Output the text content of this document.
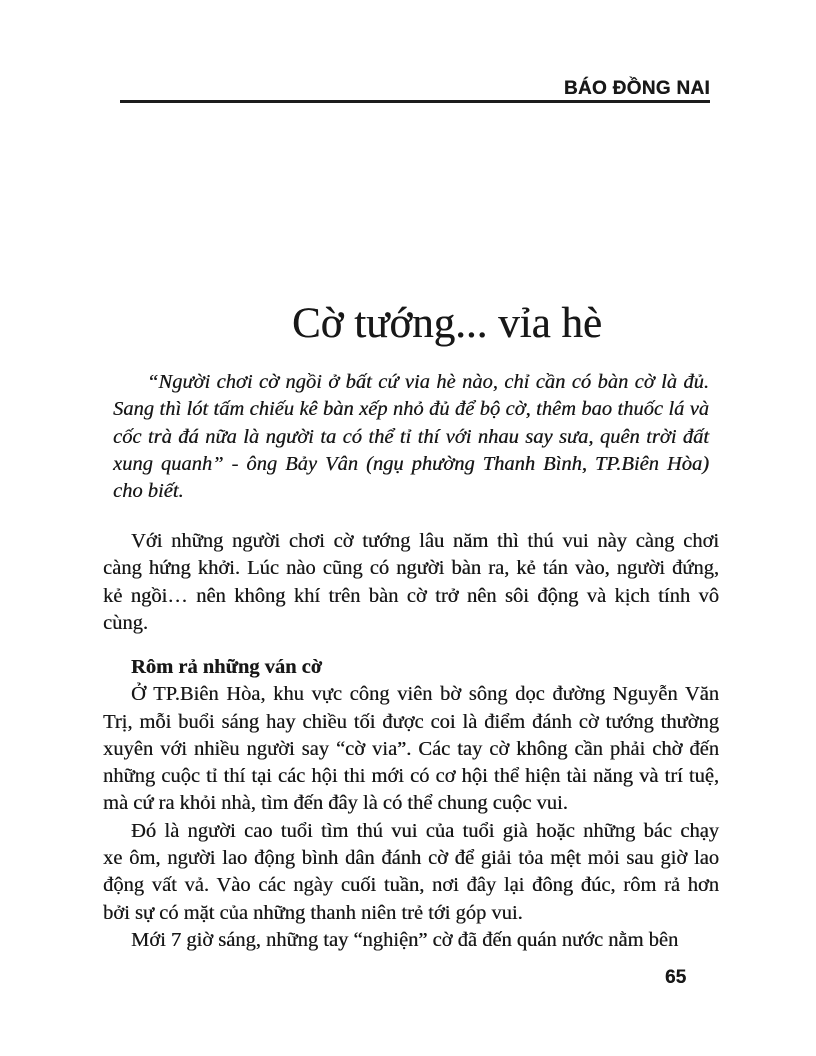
BÁO ĐỒNG NAI
Cờ tướng... vỉa hè
“Người chơi cờ ngồi ở bất cứ via hè nào, chỉ cần có bàn cờ là đủ.
Sang thì lót tấm chiếu kê bàn xếp nhỏ đủ để bộ cờ, thêm bao thuốc lá và
cốc trà đá nữa là người ta có thể tỉ thí với nhau say sưa, quên trời đất
xung quanh” - ông Bảy Vân (ngụ phường Thanh Bình, TP.Biên Hòa)
cho biết.
Với những người chơi cờ tướng lâu năm thì thú vui này càng chơi
càng hứng khởi. Lúc nào cũng có người bàn ra, kẻ tán vào, người đứng,
kẻ ngồi… nên không khí trên bàn cờ trở nên sôi động và kịch tính vô
cùng.
Rôm rả những ván cờ
Ở TP.Biên Hòa, khu vực công viên bờ sông dọc đường Nguyễn Văn
Trị, mỗi buổi sáng hay chiều tối được coi là điểm đánh cờ tướng thường
xuyên với nhiều người say “cờ via”. Các tay cờ không cần phải chờ đến
những cuộc tỉ thí tại các hội thi mới có cơ hội thể hiện tài năng và trí tuệ,
mà cứ ra khỏi nhà, tìm đến đây là có thể chung cuộc vui.
Đó là người cao tuổi tìm thú vui của tuổi già hoặc những bác chạy
xe ôm, người lao động bình dân đánh cờ để giải tỏa mệt mỏi sau giờ lao
động vất vả. Vào các ngày cuối tuần, nơi đây lại đông đúc, rôm rả hơn
bởi sự có mặt của những thanh niên trẻ tới góp vui.
Mới 7 giờ sáng, những tay “nghiện” cờ đã đến quán nước nằm bên
65
